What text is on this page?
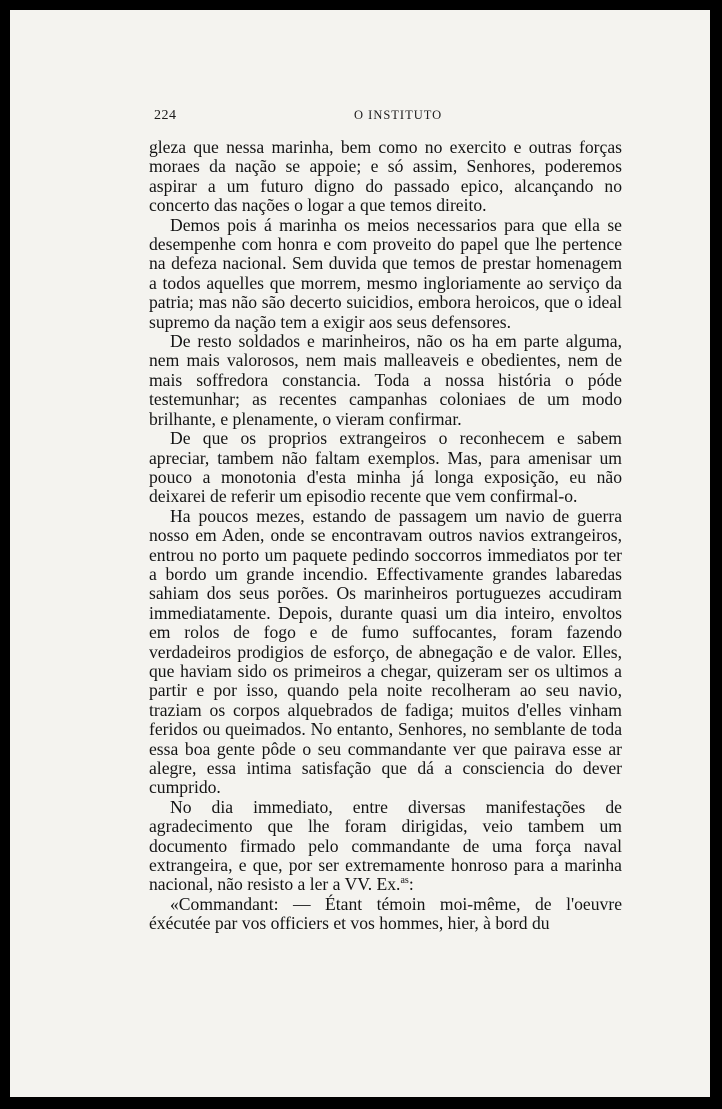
224	O INSTITUTO

gleza que nessa marinha, bem como no exercito e outras forças moraes da nação se appoie; e só assim, Senhores, poderemos aspirar a um futuro digno do passado epico, alcançando no concerto das nações o logar a que temos direito.

Demos pois á marinha os meios necessarios para que ella se desempenhe com honra e com proveito do papel que lhe pertence na defeza nacional. Sem duvida que temos de prestar homenagem a todos aquelles que morrem, mesmo ingloriamente ao serviço da patria; mas não são decerto suicidios, embora heroicos, que o ideal supremo da nação tem a exigir aos seus defensores.

De resto soldados e marinheiros, não os ha em parte alguma, nem mais valorosos, nem mais malleaveis e obedientes, nem de mais soffredora constancia. Toda a nossa história o póde testemunhar; as recentes campanhas coloniaes de um modo brilhante, e plenamente, o vieram confirmar.

De que os proprios extrangeiros o reconhecem e sabem apreciar, tambem não faltam exemplos. Mas, para amenisar um pouco a monotonia d'esta minha já longa exposição, eu não deixarei de referir um episodio recente que vem confirmal-o.

Ha poucos mezes, estando de passagem um navio de guerra nosso em Aden, onde se encontravam outros navios extrangeiros, entrou no porto um paquete pedindo soccorros immediatos por ter a bordo um grande incendio. Effectivamente grandes labaredas sahiam dos seus porões. Os marinheiros portuguezes accudiram immediatamente. Depois, durante quasi um dia inteiro, envoltos em rolos de fogo e de fumo suffocantes, foram fazendo verdadeiros prodigios de esforço, de abnegação e de valor. Elles, que haviam sido os primeiros a chegar, quizeram ser os ultimos a partir e por isso, quando pela noite recolheram ao seu navio, traziam os corpos alquebrados de fadiga; muitos d'elles vinham feridos ou queimados. No entanto, Senhores, no semblante de toda essa boa gente pôde o seu commandante ver que pairava esse ar alegre, essa intima satisfação que dá a consciencia do dever cumprido.

No dia immediato, entre diversas manifestações de agradecimento que lhe foram dirigidas, veio tambem um documento firmado pelo commandante de uma força naval extrangeira, e que, por ser extremamente honroso para a marinha nacional, não resisto a ler a VV. Ex.$^{as}$:

«Commandant: — Étant témoin moi-même, de l'oeuvre éxécutée par vos officiers et vos hommes, hier, à bord du
